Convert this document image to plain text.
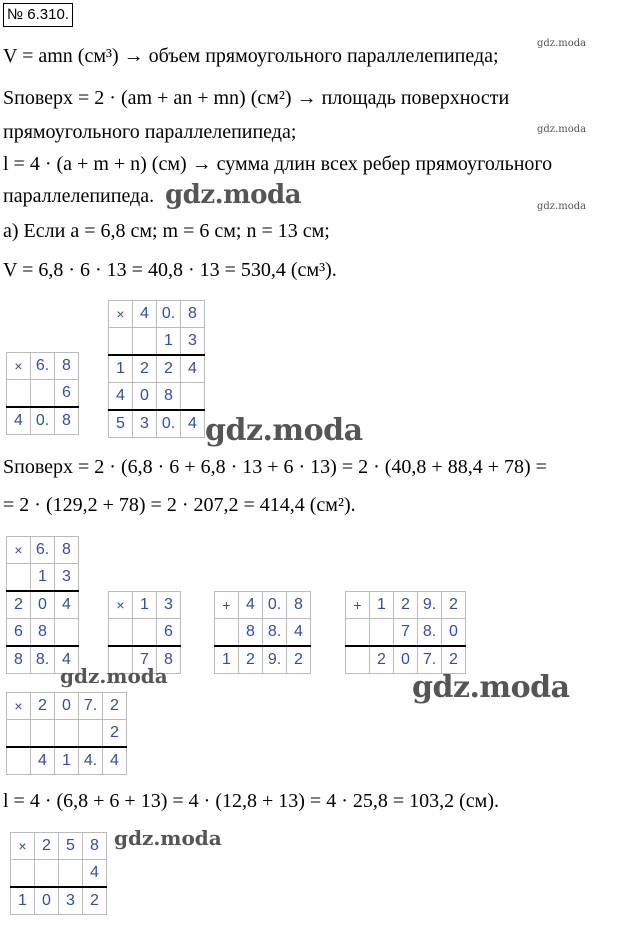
№ 6.310.
V = amn (см³) → объем прямоугольного параллелепипеда;
Sповерх = 2 · (am + an + mn) (см²) → площадь поверхности
прямоугольного параллелепипеда;
l = 4 · (a + m + n) (см) → сумма длин всех ребер прямоугольного
параллелепипеда.
а) Если a = 6,8 см; m = 6 см; n = 13 см;
V = 6,8 · 6 · 13 = 40,8 · 13 = 530,4 (см³).
×	6.	8
		6
4	0.	8
×	4	0.	8
		1	3
1	2	2	4
4	0	8	
5	3	0.	4 gdz.moda
Sповерх = 2 · (6,8 · 6 + 6,8 · 13 + 6 · 13) = 2 · (40,8 + 88,4 + 78) =
= 2 · (129,2 + 78) = 2 · 207,2 = 414,4 (см²).
×	6.	8
	1	3
2	0	4
6	8	
8	8.	4
×	1	3
		6
	7	8
+	4	0.	8
	8	8.	4
1	2	9.	2
+	1	2	9.	2
		7	8.	0
	2	0	7.	2
gdz.moda	gdz.moda
×	2	0	7.	2
				2
	4	1	4.	4
l = 4 · (6,8 + 6 + 13) = 4 · (12,8 + 13) = 4 · 25,8 = 103,2 (см).
×	2	5	8
			4
1	0	3	2
gdz.moda
gdz.moda
gdz.moda
gdz.moda
gdz.moda
